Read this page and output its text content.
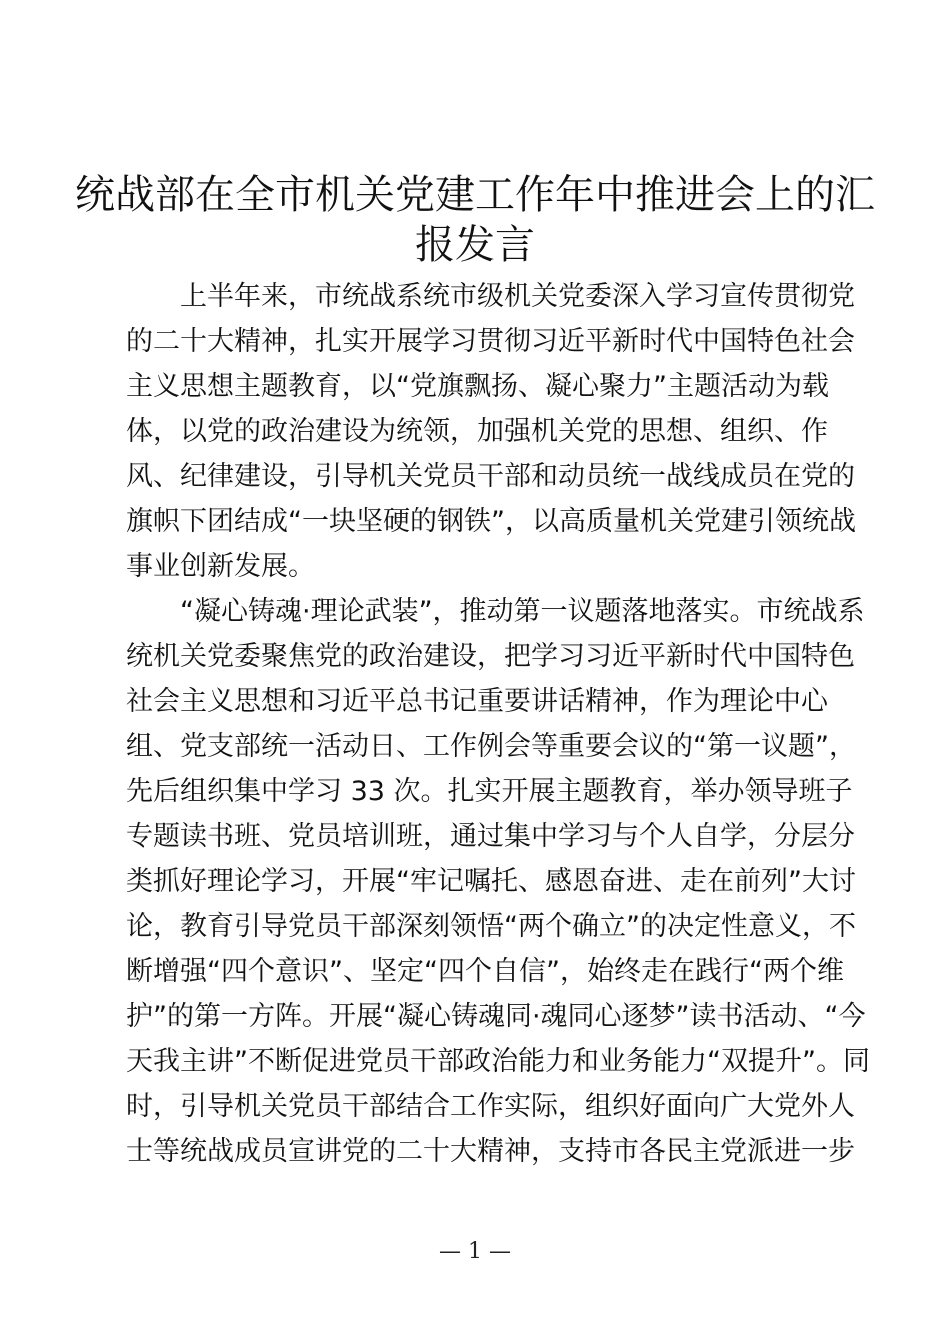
统战部在全市机关党建工作年中推进会上的汇
报发言
上半年来，市统战系统市级机关党委深入学习宣传贯彻党
的二十大精神，扎实开展学习贯彻习近平新时代中国特色社会
主义思想主题教育，以“党旗飘扬、凝心聚力”主题活动为载
体，以党的政治建设为统领，加强机关党的思想、组织、作
风、纪律建设，引导机关党员干部和动员统一战线成员在党的
旗帜下团结成“一块坚硬的钢铁”，以高质量机关党建引领统战
事业创新发展。
“凝心铸魂·理论武装”，推动第一议题落地落实。市统战系
统机关党委聚焦党的政治建设，把学习习近平新时代中国特色
社会主义思想和习近平总书记重要讲话精神，作为理论中心
组、党支部统一活动日、工作例会等重要会议的“第一议题”，
先后组织集中学习 33 次。扎实开展主题教育，举办领导班子
专题读书班、党员培训班，通过集中学习与个人自学，分层分
类抓好理论学习，开展“牢记嘱托、感恩奋进、走在前列”大讨
论，教育引导党员干部深刻领悟“两个确立”的决定性意义，不
断增强“四个意识”、坚定“四个自信”，始终走在践行“两个维
护”的第一方阵。开展“凝心铸魂同·魂同心逐梦”读书活动、“今
天我主讲”不断促进党员干部政治能力和业务能力“双提升”。同
时，引导机关党员干部结合工作实际，组织好面向广大党外人
士等统战成员宣讲党的二十大精神，支持市各民主党派进一步
— 1 —
